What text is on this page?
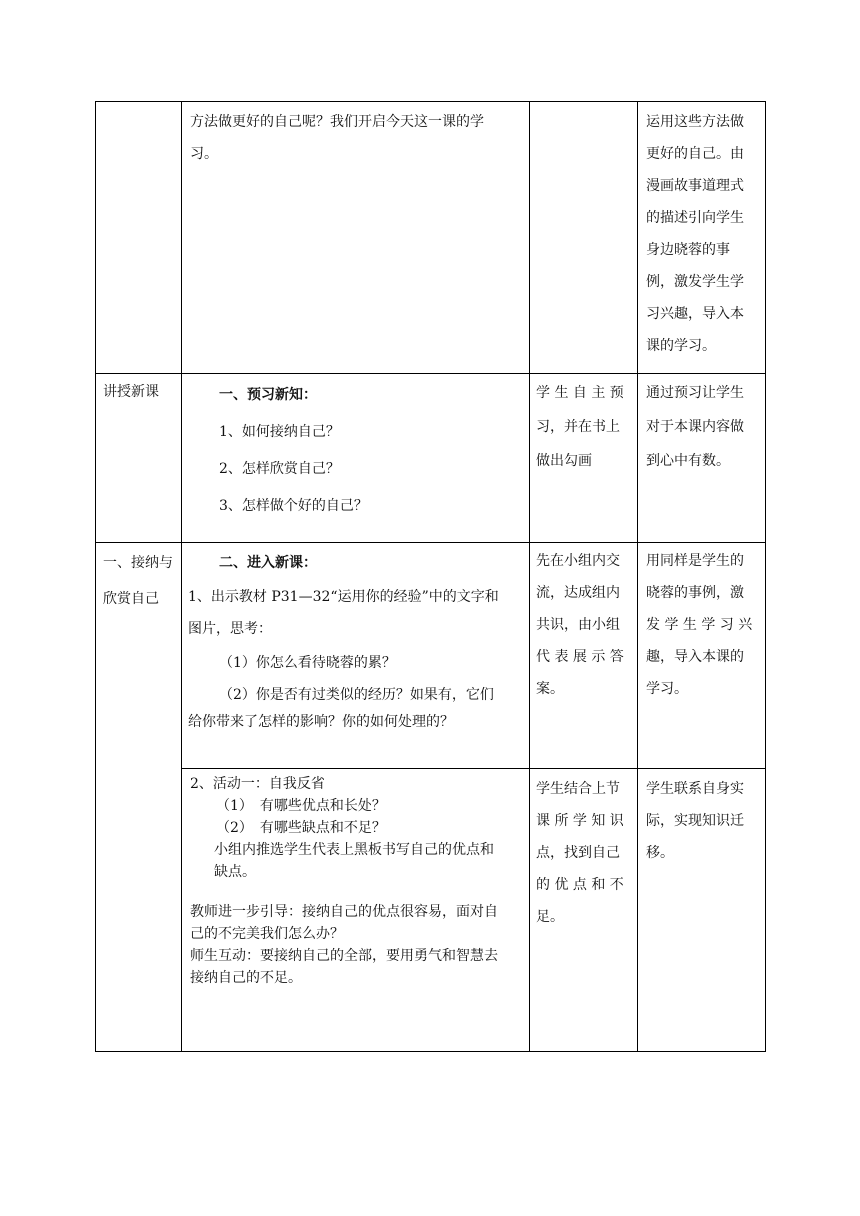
方法做更好的自己呢？我们开启今天这一课的学

习。

运用这些方法做

更好的自己。由

漫画故事道理式

的描述引向学生

身边晓蓉的事

例，激发学生学

习兴趣，导入本

课的学习。

讲授新课	一、预习新知：

1、如何接纳自己？

2、怎样欣赏自己？

3、怎样做个好的自己？

学 生 自 主 预

习，并在书上

做出勾画

通过预习让学生

对于本课内容做

到心中有数。

一、接纳与

欣赏自己

二、进入新课：

1、出示教材 P31—32“运用你的经验”中的文字和

图片，思考：

（1）你怎么看待晓蓉的累？

（2）你是否有过类似的经历？如果有，它们

给你带来了怎样的影响？你的如何处理的？

先在小组内交

流，达成组内

共识，由小组

代 表 展 示 答

案。

用同样是学生的

晓蓉的事例，激

发 学 生 学 习 兴

趣，导入本课的

学习。

2、活动一：自我反省

（1）　有哪些优点和长处？

（2）　有哪些缺点和不足？

小组内推选学生代表上黑板书写自己的优点和

缺点。

教师进一步引导：接纳自己的优点很容易，面对自

己的不完美我们怎么办？

师生互动：要接纳自己的全部，要用勇气和智慧去

接纳自己的不足。

学生结合上节

课 所 学 知 识

点，找到自己

的 优 点 和 不

足。

学生联系自身实

际，实现知识迁

移。
